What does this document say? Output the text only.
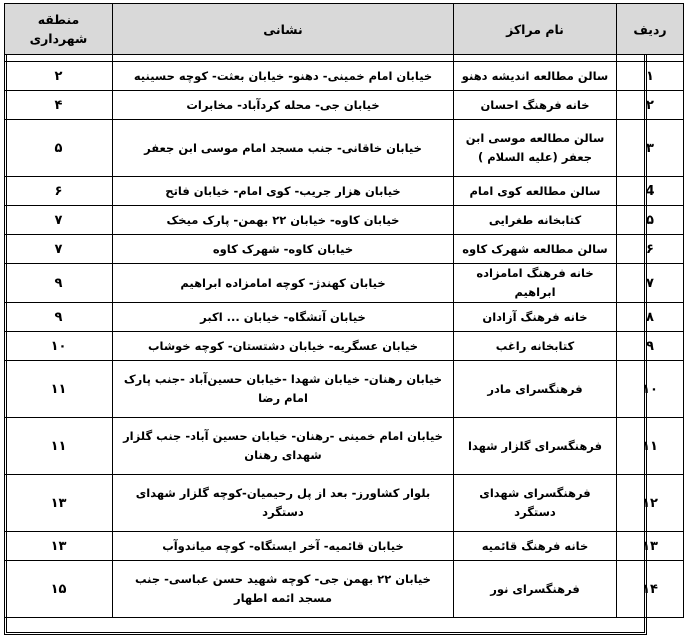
ردیف	نام مراکز	نشانی	منطقه
شهرداری

۱	سالن مطالعه اندیشه دهنو	خیابان امام خمینی- دهنو- خیابان بعثت- کوچه حسینیه	۲
۲	خانه فرهنگ احسان	خیابان جی- محله کردآباد- مخابرات	۴
۳	سالن مطالعه موسی ابن جعفر (علیه السلام )	خیابان خاقانی- جنب مسجد امام موسی ابن جعفر	۵
4	سالن مطالعه کوی امام	خیابان هزار جریب- کوی امام- خیابان فاتح	۶
۵	کتابخانه طغرایی	خیابان کاوه- خیابان ۲۲ بهمن- پارک میخک	۷
۶	سالن مطالعه شهرک کاوه	خیابان کاوه- شهرک کاوه	۷
۷	خانه فرهنگ امامزاده ابراهیم	خیابان کهندژ- کوچه امامزاده ابراهیم	۹
۸	خانه فرهنگ آزادان	خیابان آتشگاه- خیابان ... اکبر	۹
۹	کتابخانه راغب	خیابان عسگریه- خیابان دشتستان- کوچه خوشاب	۱۰
۱۰	فرهنگسرای مادر	خیابان رهنان- خیابان شهدا -خیابان حسین‌آباد -جنب پارک امام رضا	۱۱
۱۱	فرهنگسرای گلزار شهدا	خیابان امام خمینی -رهنان- خیابان حسین آباد- جنب گلزار شهدای رهنان	۱۱
۱۲	فرهنگسرای شهدای دستگرد	بلوار کشاورز- بعد از پل رحیمیان-کوچه گلزار شهدای دستگرد	۱۳
۱۳	خانه فرهنگ قائمیه	خیابان قائمیه- آخر ایستگاه- کوچه میاندوآب	۱۳
۱۴	فرهنگسرای نور	خیابان ۲۲ بهمن جی- کوچه شهید حسن عباسی- جنب مسجد ائمه اطهار	۱۵
